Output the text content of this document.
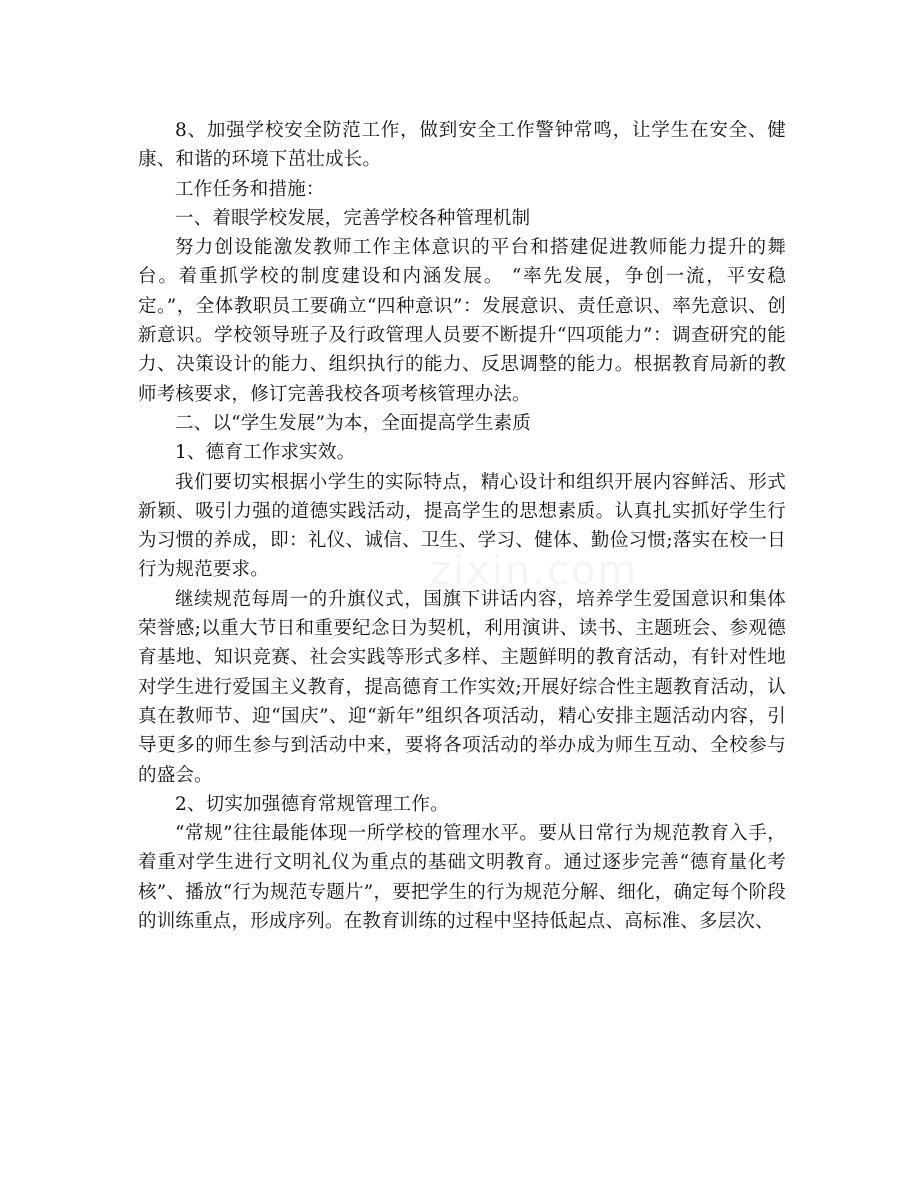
zixin.com

8、加强学校安全防范工作，做到安全工作警钟常鸣，让学生在安全、健康、和谐的环境下茁壮成长。

工作任务和措施：

一、着眼学校发展，完善学校各种管理机制

努力创设能激发教师工作主体意识的平台和搭建促进教师能力提升的舞台。着重抓学校的制度建设和内涵发展。 “率先发展，争创一流，平安稳定。”，全体教职员工要确立“四种意识”：发展意识、责任意识、率先意识、创新意识。学校领导班子及行政管理人员要不断提升“四项能力”：调查研究的能力、决策设计的能力、组织执行的能力、反思调整的能力。根据教育局新的教师考核要求，修订完善我校各项考核管理办法。

二、以“学生发展”为本，全面提高学生素质

1、德育工作求实效。

我们要切实根据小学生的实际特点，精心设计和组织开展内容鲜活、形式新颖、吸引力强的道德实践活动，提高学生的思想素质。认真扎实抓好学生行为习惯的养成，即：礼仪、诚信、卫生、学习、健体、勤俭习惯;落实在校一日行为规范要求。

继续规范每周一的升旗仪式，国旗下讲话内容，培养学生爱国意识和集体荣誉感;以重大节日和重要纪念日为契机，利用演讲、读书、主题班会、参观德育基地、知识竞赛、社会实践等形式多样、主题鲜明的教育活动，有针对性地对学生进行爱国主义教育，提高德育工作实效;开展好综合性主题教育活动，认真在教师节、迎“国庆”、迎“新年”组织各项活动，精心安排主题活动内容，引导更多的师生参与到活动中来，要将各项活动的举办成为师生互动、全校参与的盛会。

2、切实加强德育常规管理工作。

“常规”往往最能体现一所学校的管理水平。要从日常行为规范教育入手，着重对学生进行文明礼仪为重点的基础文明教育。通过逐步完善“德育量化考核”、播放“行为规范专题片”，要把学生的行为规范分解、细化，确定每个阶段的训练重点，形成序列。在教育训练的过程中坚持低起点、高标准、多层次、
